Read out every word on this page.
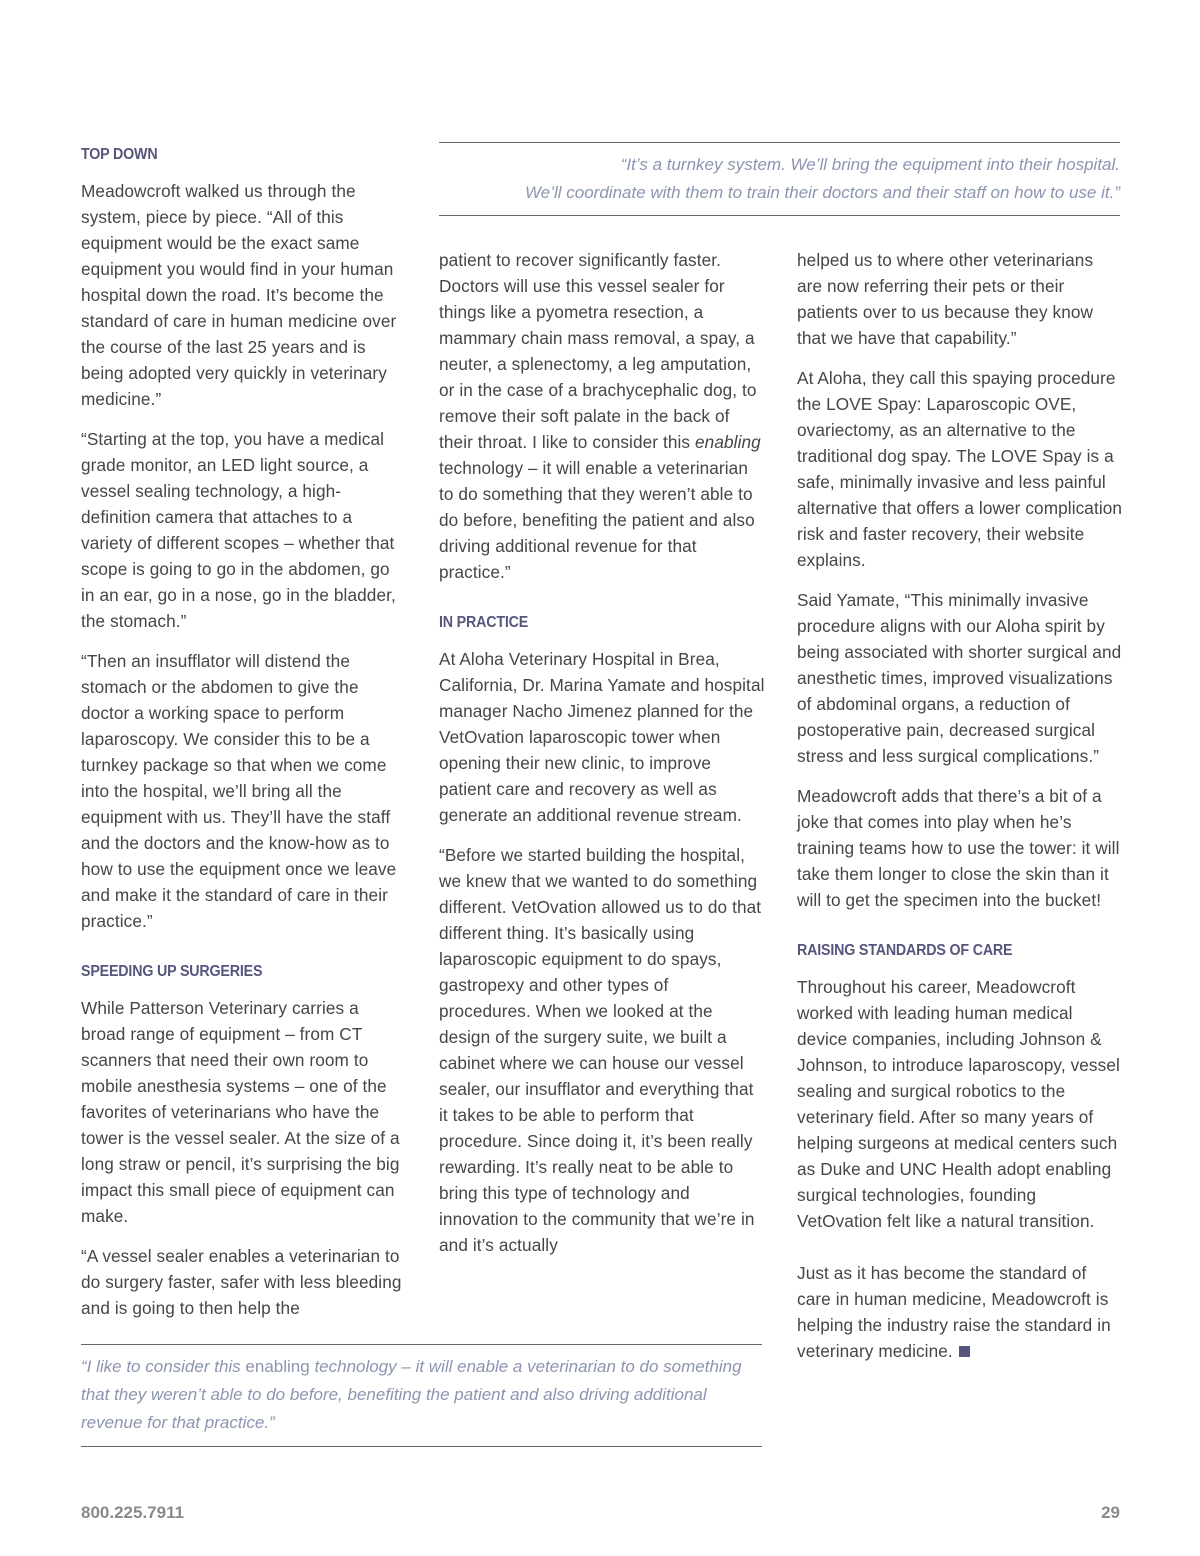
TOP DOWN

Meadowcroft walked us through the system, piece by piece. “All of this equipment would be the exact same equipment you would find in your human hospital down the road. It’s become the standard of care in human medicine over the course of the last 25 years and is being adopted very quickly in veterinary medicine.”

“Starting at the top, you have a medical grade monitor, an LED light source, a vessel sealing technology, a high-definition camera that attaches to a variety of different scopes – whether that scope is going to go in the abdomen, go in an ear, go in a nose, go in the bladder, the stomach.”

“Then an insufflator will distend the stomach or the abdomen to give the doctor a working space to perform laparoscopy. We consider this to be a turnkey package so that when we come into the hospital, we’ll bring all the equipment with us. They’ll have the staff and the doctors and the know-how as to how to use the equipment once we leave and make it the standard of care in their practice.”

SPEEDING UP SURGERIES

While Patterson Veterinary carries a broad range of equipment – from CT scanners that need their own room to mobile anesthesia systems – one of the favorites of veterinarians who have the tower is the vessel sealer. At the size of a long straw or pencil, it’s surprising the big impact this small piece of equipment can make.

“A vessel sealer enables a veterinarian to do surgery faster, safer with less bleeding and is going to then help the

“It’s a turnkey system. We’ll bring the equipment into their hospital.

We’ll coordinate with them to train their doctors and their staff on how to use it.”

patient to recover significantly faster. Doctors will use this vessel sealer for things like a pyometra resection, a mammary chain mass removal, a spay, a neuter, a splenectomy, a leg amputation, or in the case of a brachycephalic dog, to remove their soft palate in the back of their throat. I like to consider this enabling technology – it will enable a veterinarian to do something that they weren’t able to do before, benefiting the patient and also driving additional revenue for that practice.”

IN PRACTICE

At Aloha Veterinary Hospital in Brea, California, Dr. Marina Yamate and hospital manager Nacho Jimenez planned for the VetOvation laparoscopic tower when opening their new clinic, to improve patient care and recovery as well as generate an additional revenue stream.

“Before we started building the hospital, we knew that we wanted to do something different. VetOvation allowed us to do that different thing. It’s basically using laparoscopic equipment to do spays, gastropexy and other types of procedures. When we looked at the design of the surgery suite, we built a cabinet where we can house our vessel sealer, our insufflator and everything that it takes to be able to perform that procedure. Since doing it, it’s been really rewarding. It’s really neat to be able to bring this type of technology and innovation to the community that we’re in and it’s actually

helped us to where other veterinarians are now referring their pets or their patients over to us because they know that we have that capability.”

At Aloha, they call this spaying procedure the LOVE Spay: Laparoscopic OVE, ovariectomy, as an alternative to the traditional dog spay. The LOVE Spay is a safe, minimally invasive and less painful alternative that offers a lower complication risk and faster recovery, their website explains.

Said Yamate, “This minimally invasive procedure aligns with our Aloha spirit by being associated with shorter surgical and anesthetic times, improved visualizations of abdominal organs, a reduction of postoperative pain, decreased surgical stress and less surgical complications.”

Meadowcroft adds that there’s a bit of a joke that comes into play when he’s training teams how to use the tower: it will take them longer to close the skin than it will to get the specimen into the bucket!

RAISING STANDARDS OF CARE

Throughout his career, Meadowcroft worked with leading human medical device companies, including Johnson & Johnson, to introduce laparoscopy, vessel sealing and surgical robotics to the veterinary field. After so many years of helping surgeons at medical centers such as Duke and UNC Health adopt enabling surgical technologies, founding VetOvation felt like a natural transition.

Just as it has become the standard of care in human medicine, Meadowcroft is helping the industry raise the standard in veterinary medicine.

“I like to consider this enabling technology – it will enable a veterinarian to do something that they weren’t able to do before, benefiting the patient and also driving additional revenue for that practice.”

800.225.7911	29
